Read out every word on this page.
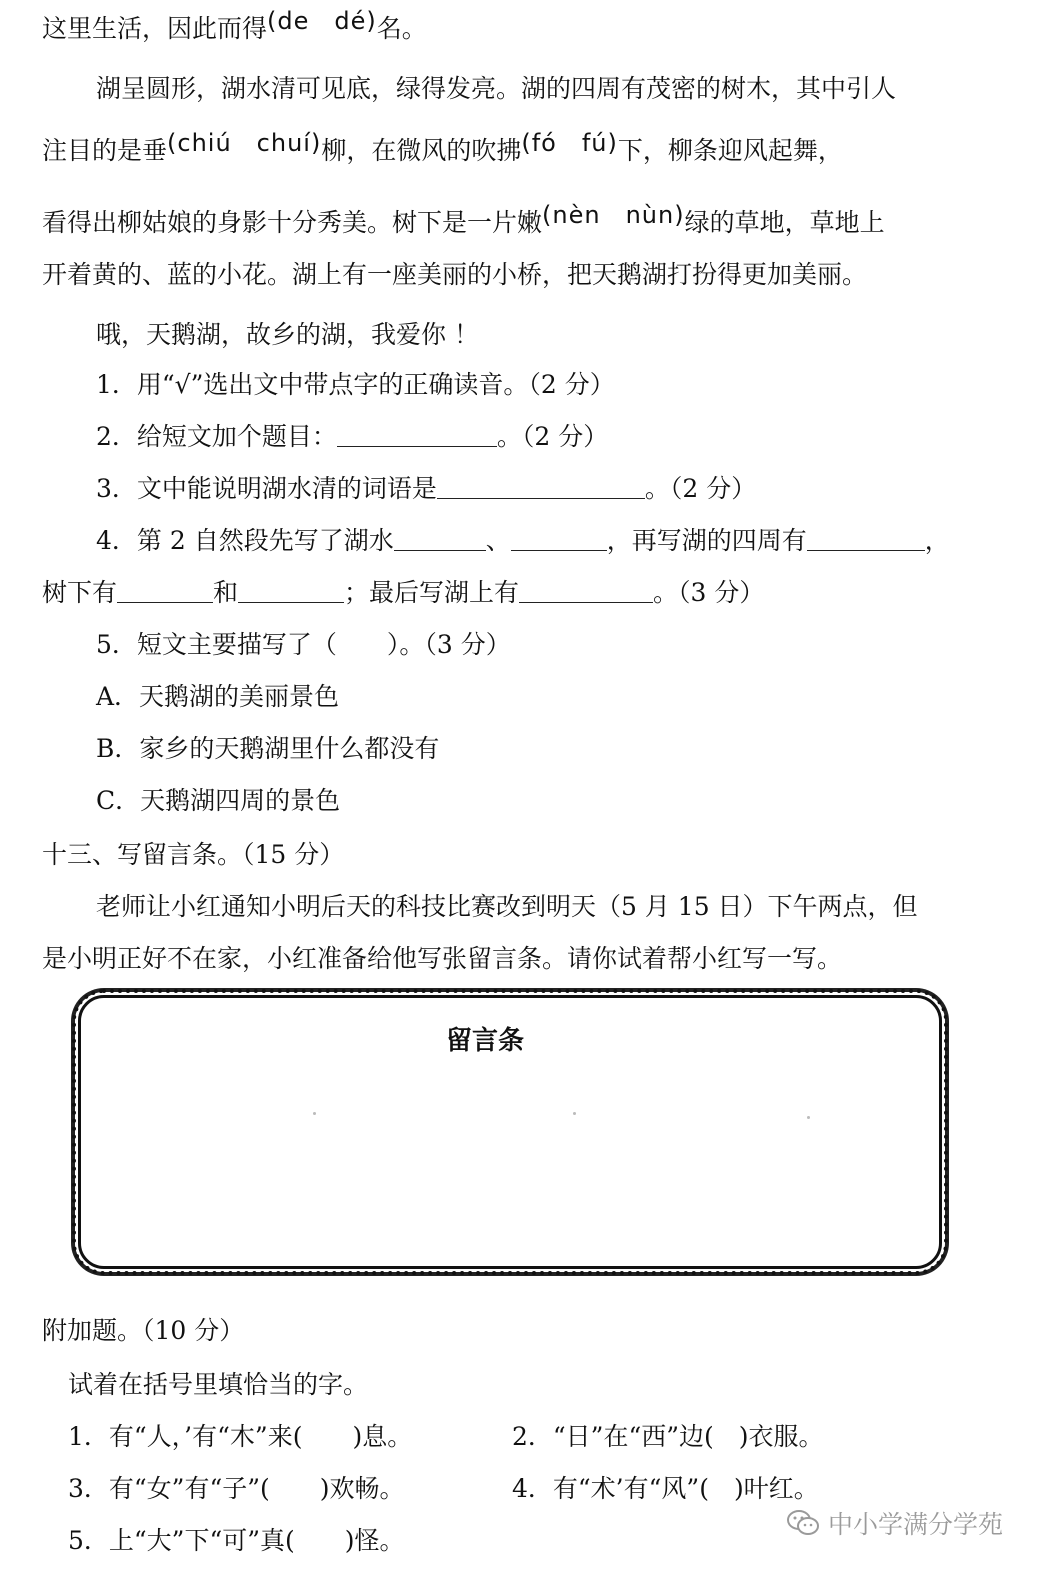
这里生活，因此而得(de　dé)名。
湖呈圆形，湖水清可见底，绿得发亮。湖的四周有茂密的树木，其中引人
注目的是垂(chiú　chuí)柳，在微风的吹拂(fó　fú)下，柳条迎风起舞，
看得出柳姑娘的身影十分秀美。树下是一片嫩(nèn　nùn)绿的草地，草地上
开着黄的、蓝的小花。湖上有一座美丽的小桥，把天鹅湖打扮得更加美丽。
哦，天鹅湖，故乡的湖，我爱你 ！
1．用“√”选出文中带点字的正确读音。（2 分）
2．给短文加个题目：	。（2 分）
3．文中能说明湖水清的词语是	。（2 分）
4．第 2 自然段先写了湖水	、	，再写湖的四周有	，
树下有	和	；最后写湖上有	。（3 分）
5．短文主要描写了（　　）。（3 分）
A．天鹅湖的美丽景色
B．家乡的天鹅湖里什么都没有
C．天鹅湖四周的景色
十三、写留言条。（15 分）
老师让小红通知小明后天的科技比赛改到明天（5 月 15 日）下午两点，但
是小明正好不在家，小红准备给他写张留言条。请你试着帮小红写一写。
留言条
附加题。（10 分）
试着在括号里填恰当的字。
1．有“人，’有“木”来(　　)息。	2．“日”在“西”边(　)衣服。
3．有“女”有“子”(　　)欢畅。	4．有“术’有“风”(　)叶红。
5．上“大”下“可”真(　　)怪。
中小学满分学苑
